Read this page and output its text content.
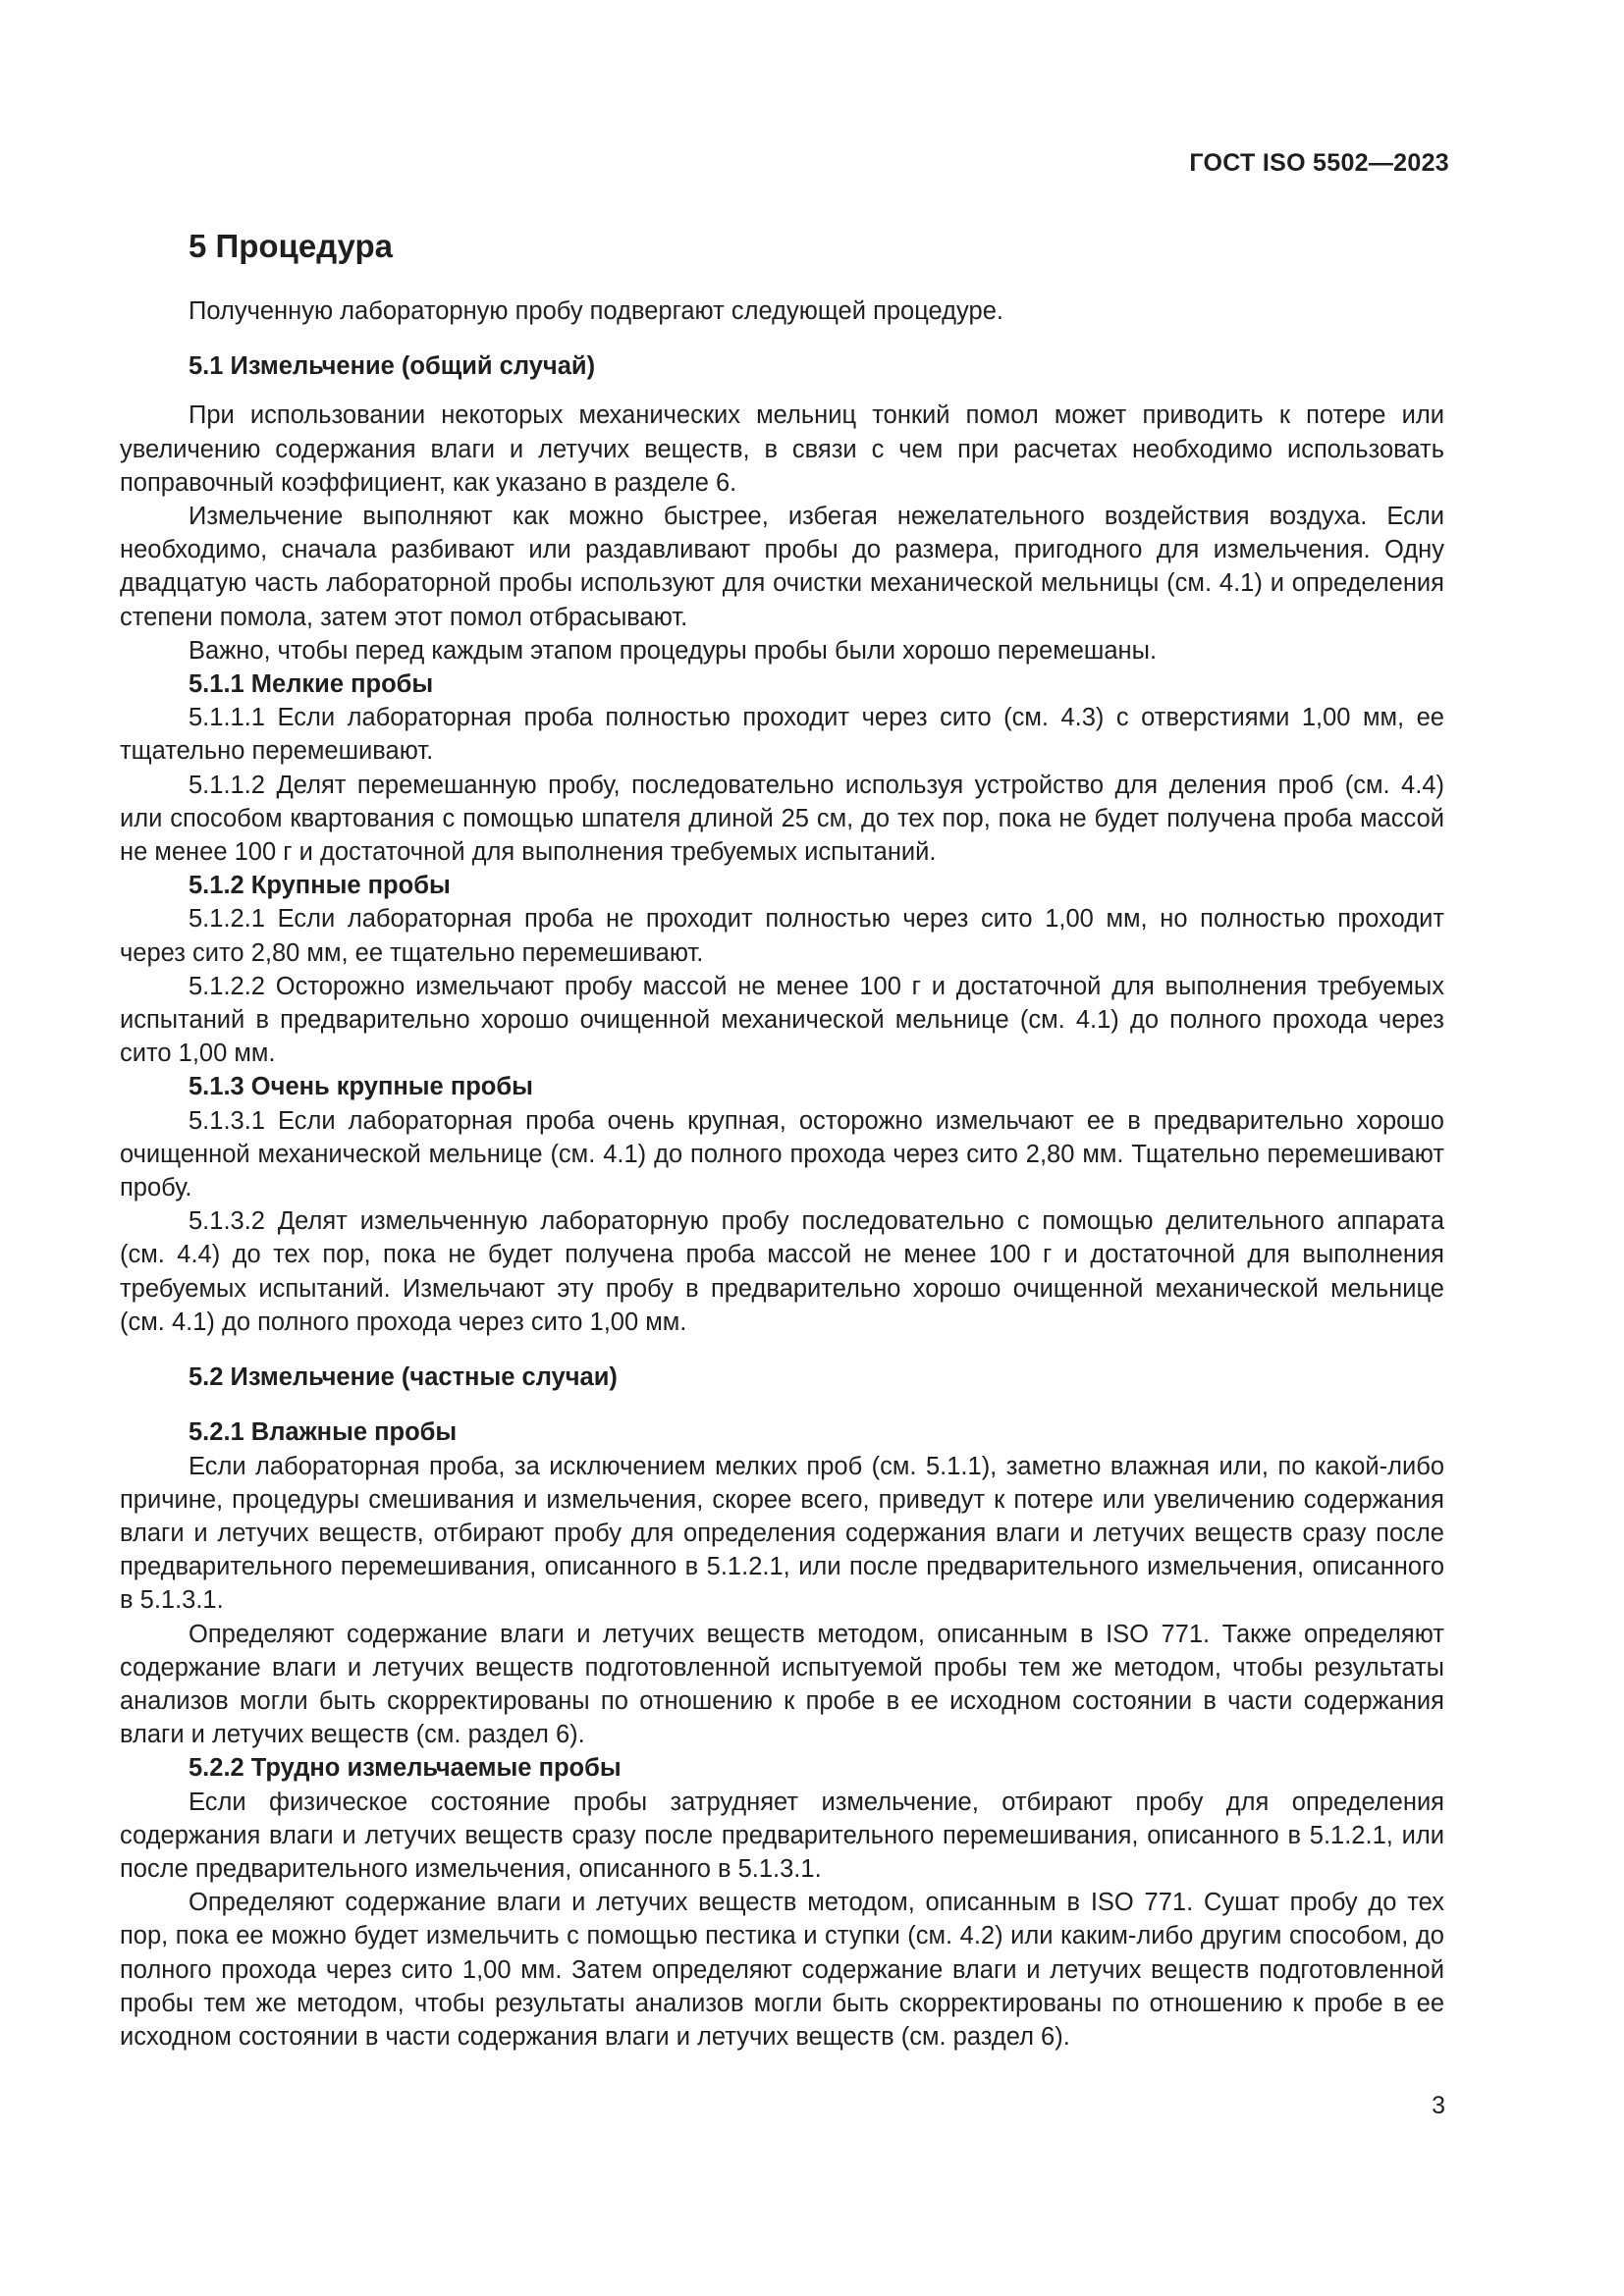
ГОСТ ISO 5502—2023
5 Процедура

Полученную лабораторную пробу подвергают следующей процедуре.

5.1 Измельчение (общий случай)

При использовании некоторых механических мельниц тонкий помол может приводить к потере или увеличению содержания влаги и летучих веществ, в связи с чем при расчетах необходимо использовать поправочный коэффициент, как указано в разделе 6.

Измельчение выполняют как можно быстрее, избегая нежелательного воздействия воздуха. Если необходимо, сначала разбивают или раздавливают пробы до размера, пригодного для измельчения. Одну двадцатую часть лабораторной пробы используют для очистки механической мельницы (см. 4.1) и определения степени помола, затем этот помол отбрасывают.

Важно, чтобы перед каждым этапом процедуры пробы были хорошо перемешаны.

5.1.1 Мелкие пробы

5.1.1.1 Если лабораторная проба полностью проходит через сито (см. 4.3) с отверстиями 1,00 мм, ее тщательно перемешивают.

5.1.1.2 Делят перемешанную пробу, последовательно используя устройство для деления проб (см. 4.4) или способом квартования с помощью шпателя длиной 25 см, до тех пор, пока не будет получена проба массой не менее 100 г и достаточной для выполнения требуемых испытаний.

5.1.2 Крупные пробы

5.1.2.1 Если лабораторная проба не проходит полностью через сито 1,00 мм, но полностью проходит через сито 2,80 мм, ее тщательно перемешивают.

5.1.2.2 Осторожно измельчают пробу массой не менее 100 г и достаточной для выполнения требуемых испытаний в предварительно хорошо очищенной механической мельнице (см. 4.1) до полного прохода через сито 1,00 мм.

5.1.3 Очень крупные пробы

5.1.3.1 Если лабораторная проба очень крупная, осторожно измельчают ее в предварительно хорошо очищенной механической мельнице (см. 4.1) до полного прохода через сито 2,80 мм. Тщательно перемешивают пробу.

5.1.3.2 Делят измельченную лабораторную пробу последовательно с помощью делительного аппарата (см. 4.4) до тех пор, пока не будет получена проба массой не менее 100 г и достаточной для выполнения требуемых испытаний. Измельчают эту пробу в предварительно хорошо очищенной механической мельнице (см. 4.1) до полного прохода через сито 1,00 мм.

5.2 Измельчение (частные случаи)
5.2.1 Влажные пробы

Если лабораторная проба, за исключением мелких проб (см. 5.1.1), заметно влажная или, по какой-либо причине, процедуры смешивания и измельчения, скорее всего, приведут к потере или увеличению содержания влаги и летучих веществ, отбирают пробу для определения содержания влаги и летучих веществ сразу после предварительного перемешивания, описанного в 5.1.2.1, или после предварительного измельчения, описанного в 5.1.3.1.

Определяют содержание влаги и летучих веществ методом, описанным в ISO 771. Также определяют содержание влаги и летучих веществ подготовленной испытуемой пробы тем же методом, чтобы результаты анализов могли быть скорректированы по отношению к пробе в ее исходном состоянии в части содержания влаги и летучих веществ (см. раздел 6).

5.2.2 Трудно измельчаемые пробы

Если физическое состояние пробы затрудняет измельчение, отбирают пробу для определения содержания влаги и летучих веществ сразу после предварительного перемешивания, описанного в 5.1.2.1, или после предварительного измельчения, описанного в 5.1.3.1.

Определяют содержание влаги и летучих веществ методом, описанным в ISO 771. Сушат пробу до тех пор, пока ее можно будет измельчить с помощью пестика и ступки (см. 4.2) или каким-либо другим способом, до полного прохода через сито 1,00 мм. Затем определяют содержание влаги и летучих веществ подготовленной пробы тем же методом, чтобы результаты анализов могли быть скорректированы по отношению к пробе в ее исходном состоянии в части содержания влаги и летучих веществ (см. раздел 6).

3
